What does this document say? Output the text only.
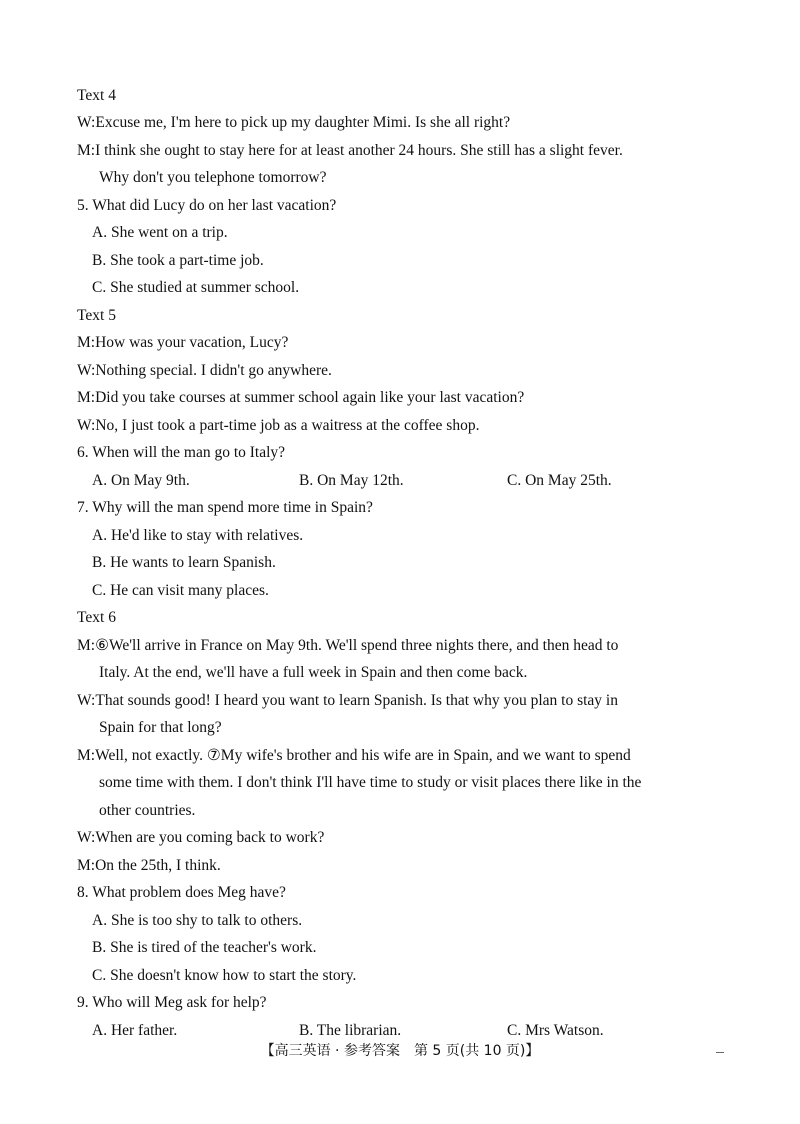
Text 4
W:Excuse me, I'm here to pick up my daughter Mimi. Is she all right?
M:I think she ought to stay here for at least another 24 hours. She still has a slight fever.
Why don't you telephone tomorrow?
5. What did Lucy do on her last vacation?
A. She went on a trip.
B. She took a part-time job.
C. She studied at summer school.
Text 5
M:How was your vacation, Lucy?
W:Nothing special. I didn't go anywhere.
M:Did you take courses at summer school again like your last vacation?
W:No, I just took a part-time job as a waitress at the coffee shop.
6. When will the man go to Italy?
A. On May 9th.	B. On May 12th.	C. On May 25th.
7. Why will the man spend more time in Spain?
A. He'd like to stay with relatives.
B. He wants to learn Spanish.
C. He can visit many places.
Text 6
M:⑥We'll arrive in France on May 9th. We'll spend three nights there, and then head to
Italy. At the end, we'll have a full week in Spain and then come back.
W:That sounds good! I heard you want to learn Spanish. Is that why you plan to stay in
Spain for that long?
M:Well, not exactly. ⑦My wife's brother and his wife are in Spain, and we want to spend
some time with them. I don't think I'll have time to study or visit places there like in the
other countries.
W:When are you coming back to work?
M:On the 25th, I think.
8. What problem does Meg have?
A. She is too shy to talk to others.
B. She is tired of the teacher's work.
C. She doesn't know how to start the story.
9. Who will Meg ask for help?
A. Her father.	B. The librarian.	C. Mrs Watson.
【高三英语 · 参考答案　第 5 页(共 10 页)】
